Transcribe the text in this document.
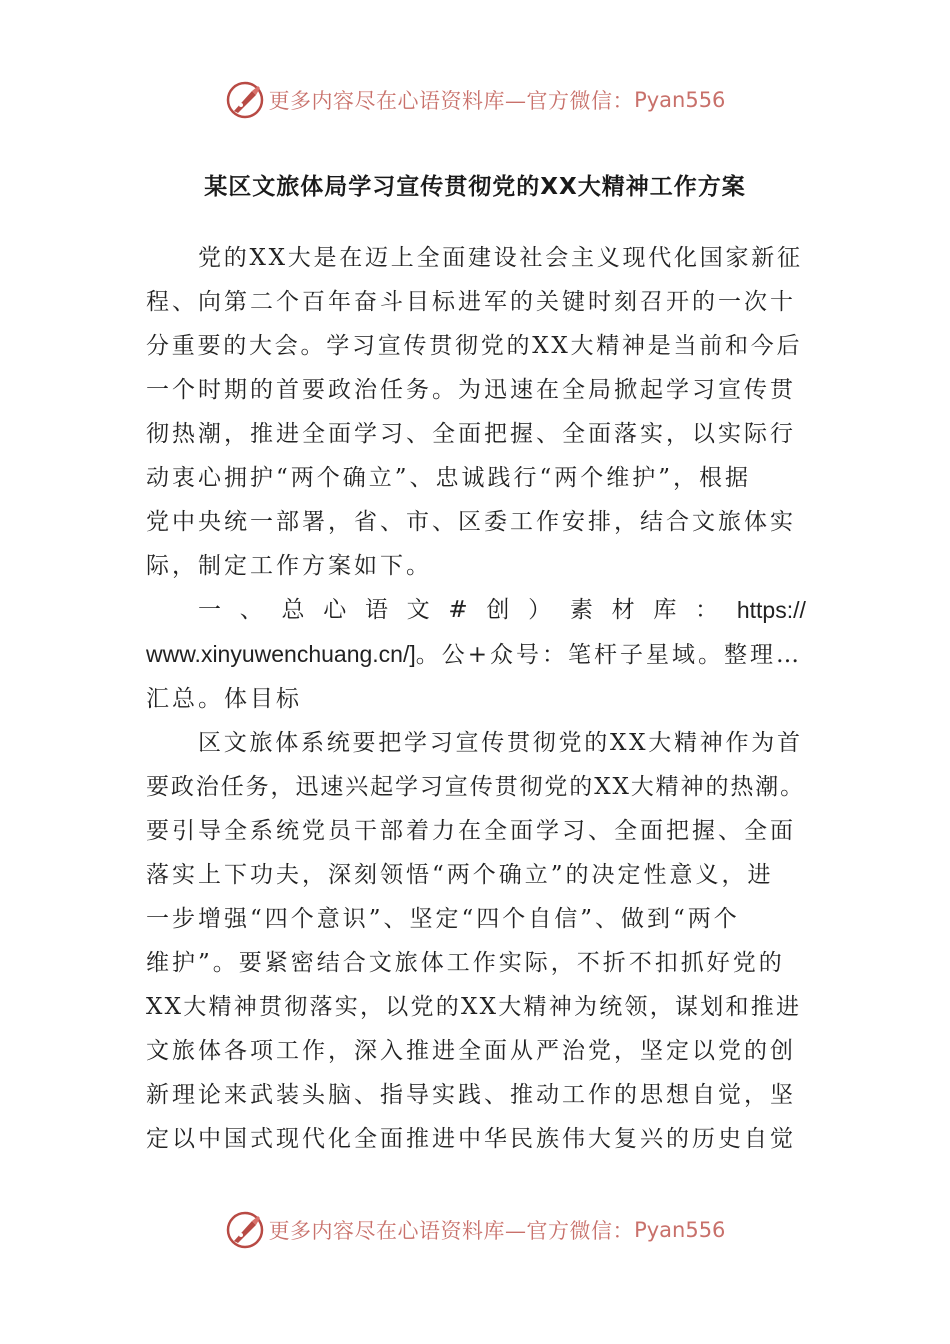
更多内容尽在心语资料库—官方微信： Pyan556
某区文旅体局学习宣传贯彻党的XX大精神工作方案

党的XX大是在迈上全面建设社会主义现代化国家新征

程、向第二个百年奋斗目标进军的关键时刻召开的一次十

分重要的大会。学习宣传贯彻党的XX大精神是当前和今后

一个时期的首要政治任务。为迅速在全局掀起学习宣传贯

彻热潮，推进全面学习、全面把握、全面落实，以实际行

动衷心拥护“两个确立”、忠诚践行“两个维护”，根据

党中央统一部署，省、市、区委工作安排，结合文旅体实

际，制定工作方案如下。

一 、 总 心 语 文 # 创 ） 素 材 库 ： https://

www.xinyuwenchuang.cn/]。公+众号：笔杆子星域。整理…

汇总。体目标

区文旅体系统要把学习宣传贯彻党的XX大精神作为首

要政治任务，迅速兴起学习宣传贯彻党的XX大精神的热潮。

要引导全系统党员干部着力在全面学习、全面把握、全面

落实上下功夫，深刻领悟“两个确立”的决定性意义，进

一步增强“四个意识”、坚定“四个自信”、做到“两个

维护”。要紧密结合文旅体工作实际，不折不扣抓好党的

XX大精神贯彻落实，以党的XX大精神为统领，谋划和推进

文旅体各项工作，深入推进全面从严治党，坚定以党的创

新理论来武装头脑、指导实践、推动工作的思想自觉，坚

定以中国式现代化全面推进中华民族伟大复兴的历史自觉

更多内容尽在心语资料库—官方微信： Pyan556
